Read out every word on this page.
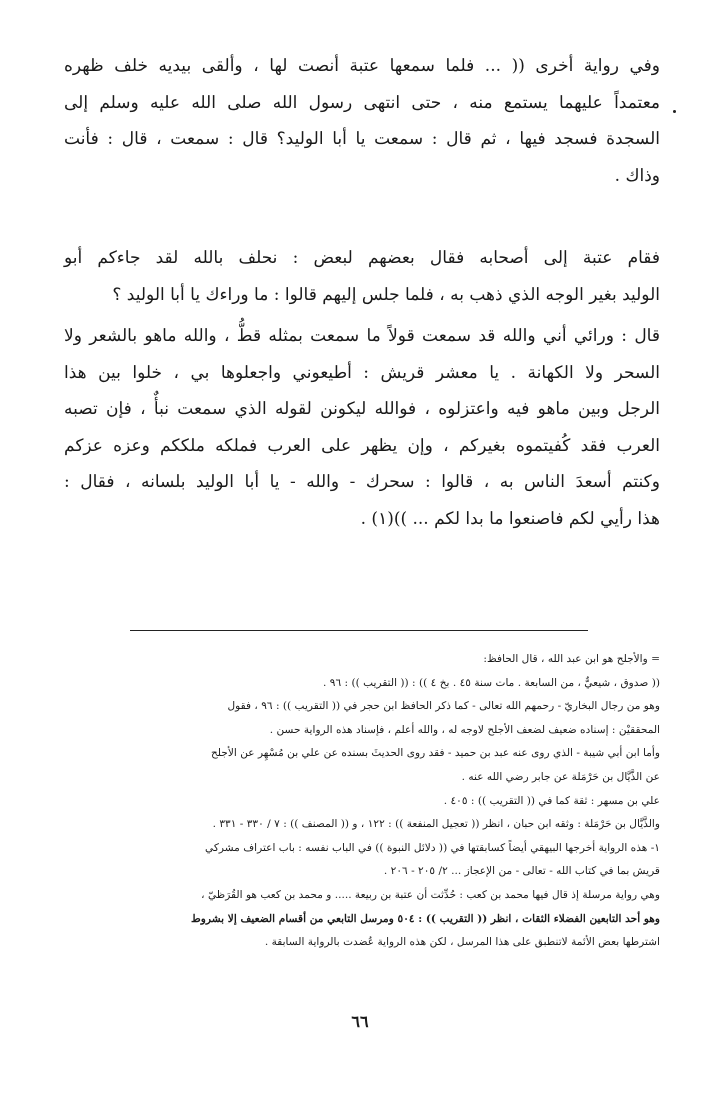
وفي رواية أخرى (( ... فلما سمعها عتبة أنصت لها ، وألقى بيديه خلف ظهره
معتمداً عليهما يستمع منه ، حتى انتهى رسول الله صلى الله عليه وسلم إلى
السجدة فسجد فيها ، ثم قال : سمعت يا أبا الوليد؟ قال : سمعت ، قال : فأنت
وذاك .
فقام عتبة إلى أصحابه فقال بعضهم لبعض : نحلف بالله لقد جاءكم أبو
الوليد بغير الوجه الذي ذهب به ، فلما جلس إليهم قالوا : ما وراءك يا أبا الوليد ؟
قال : ورائي أني والله قد سمعت قولاً ما سمعت بمثله قطُّ ، والله ماهو بالشعر ولا
السحر ولا الكهانة . يا معشر قريش : أطيعوني واجعلوها بي ، خلوا بين هذا
الرجل وبين ماهو فيه واعتزلوه ، فوالله ليكونن لقوله الذي سمعت نبأٌ ، فإن تصبه
العرب فقد كُفيتموه بغيركم ، وإن يظهر على العرب فملكه ملككم وعزه عزكم
وكنتم أسعدَ الناس به ، قالوا : سحرك - والله - يا أبا الوليد بلسانه ، فقال :
هذا رأيي لكم فاصنعوا ما بدا لكم ... ))(١) .
= والأجلح هو ابن عبد الله ، قال الحافظ:
(( صدوق ، شيعيٌّ ، من السابعة . مات سنة ٤٥ . بخ ٤ )) : (( التقريب )) : ٩٦ .
وهو من رجال البخاريّ - رحمهم الله تعالى - كما ذكر الحافظ ابن حجر في (( التقريب )) : ٩٦ ، فقول
المحققيْن : إسناده ضعيف لضعف الأجلح لاوجه له ، والله أعلم ، فإسناد هذه الرواية حسن .
وأما ابن أبي شيبة - الذي روى عنه عبد بن حميد - فقد روى الحديثَ بسنده عن علي بن مُسْهِر عن الأجلح
عن الذَّيَّال بن حَرْمَلة عن جابر رضي الله عنه .
علي بن مسهر : ثقة كما في (( التقريب )) : ٤٠٥ .
والذَّيَّال بن حَرْمَلة : وثقه ابن حبان ، انظر (( تعجيل المنفعة )) : ١٢٢ ، و (( المصنف )) : ٧ / ٣٣٠ - ٣٣١ .
١- هذه الرواية أخرجها البيهقي أيضاً كسابقتها في (( دلائل النبوة )) في الباب نفسه : باب اعتراف مشركي
قريش بما في كتاب الله - تعالى - من الإعجاز ... ٢/ ٢٠٥ - ٢٠٦ .
وهي رواية مرسلة إذ قال فيها محمد بن كعب : حُدِّثت أن عتبة بن ربيعة ..... و محمد بن كعب هو القُرَظيّ ،
وهو أحد التابعين الفضلاء الثقات ، انظر (( التقريب )) : ٥٠٤ ومرسل التابعي من أقسام الضعيف إلا بشروط
اشترطها بعض الأئمة لاتنطبق على هذا المرسل ، لكن هذه الرواية عُضدت بالرواية السابقة .
٦٦
